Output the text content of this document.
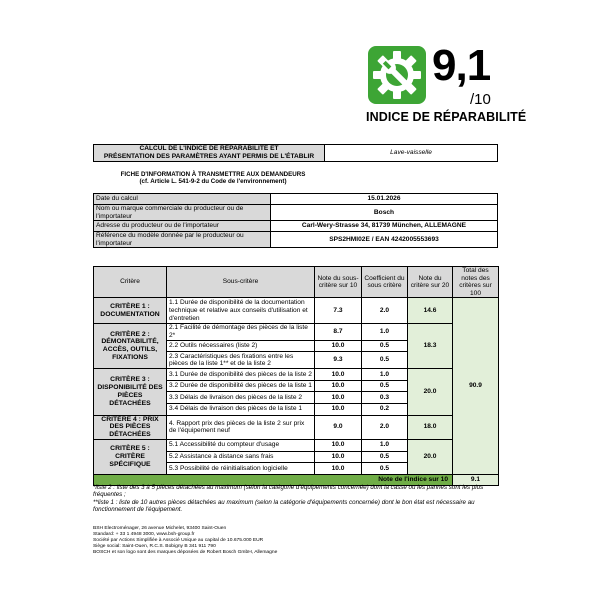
9,1
/10
INDICE DE RÉPARABILITÉ
CALCUL DE L'INDICE DE RÉPARABILITÉ ET
PRÉSENTATION DES PARAMÈTRES AYANT PERMIS DE L'ÉTABLIR	Lave-vaisselle
FICHE D'INFORMATION À TRANSMETTRE AUX DEMANDEURS
(cf. Article L. 541-9-2 du Code de l'environnement)
Date du calcul	15.01.2026
Nom ou marque commerciale du producteur ou de l'importateur	Bosch
Adresse du producteur ou de l'importateur	Carl-Wery-Strasse 34, 81739 München, ALLEMAGNE
Référence du modèle donnée par le producteur ou l'importateur	SPS2HMI02E / EAN 4242005553693
Critère	Sous-critère	Note du sous-critère sur 10	Coefficient du sous critère	Note du critère sur 20	Total des notes des critères sur 100
CRITÈRE 1 : DOCUMENTATION	1.1 Durée de disponibilité de la documentation technique et relative aux conseils d'utilisation et d'entretien	7.3	2.0	14.6	90.9
CRITÈRE 2 : DÉMONTABILITÉ, ACCÈS, OUTILS, FIXATIONS	2.1 Facilité de démontage des pièces de la liste 2*	8.7	1.0	18.3	
	2.2 Outils nécessaires (liste 2)	10.0	0.5		
	2.3 Caractéristiques des fixations entre les pièces de la liste 1** et de la liste 2	9.3	0.5		
CRITÈRE 3 : DISPONIBILITÉ DES PIÈCES DÉTACHÉES	3.1 Durée de disponibilité des pièces de la liste 2	10.0	1.0	20.0	
	3.2 Durée de disponibilité des pièces de la liste 1	10.0	0.5		
	3.3 Délais de livraison des pièces de la liste 2	10.0	0.3		
	3.4 Délais de livraison des pièces de la liste 1	10.0	0.2		
CRITÈRE 4 : PRIX DES PIÈCES DÉTACHÉES	4. Rapport prix des pièces de la liste 2 sur prix de l'équipement neuf	9.0	2.0	18.0	
CRITÈRE 5 : CRITÈRE SPÉCIFIQUE	5.1 Accessibilité du compteur d'usage	10.0	1.0	20.0	
	5.2 Assistance à distance sans frais	10.0	0.5		
	5.3 Possibilité de réinitialisation logicielle	10.0	0.5		
Note de l'indice sur 10					9.1
*liste 2 : liste des 3 à 5 pièces détachées au maximum (selon la catégorie d'équipements concernée) dont la casse ou les pannes sont les plus fréquentes ;
**liste 1 : liste de 10 autres pièces détachées au maximum (selon la catégorie d'équipements concernée) dont le bon état est nécessaire au fonctionnement de l'équipement.
BSH Electroménager, 26 avenue Michelet, 93400 Saint-Ouen
Standard: + 33 1 4948 3000, www.bsh-group.fr
Société par Actions Simplifiée à Associé Unique au capital de 10.675.000 EUR
Siège social: Saint-Ouen, R.C.S. Bobigny B 341 911 790
BOSCH et son logo sont des marques déposées de Robert Bosch GmbH, Allemagne
